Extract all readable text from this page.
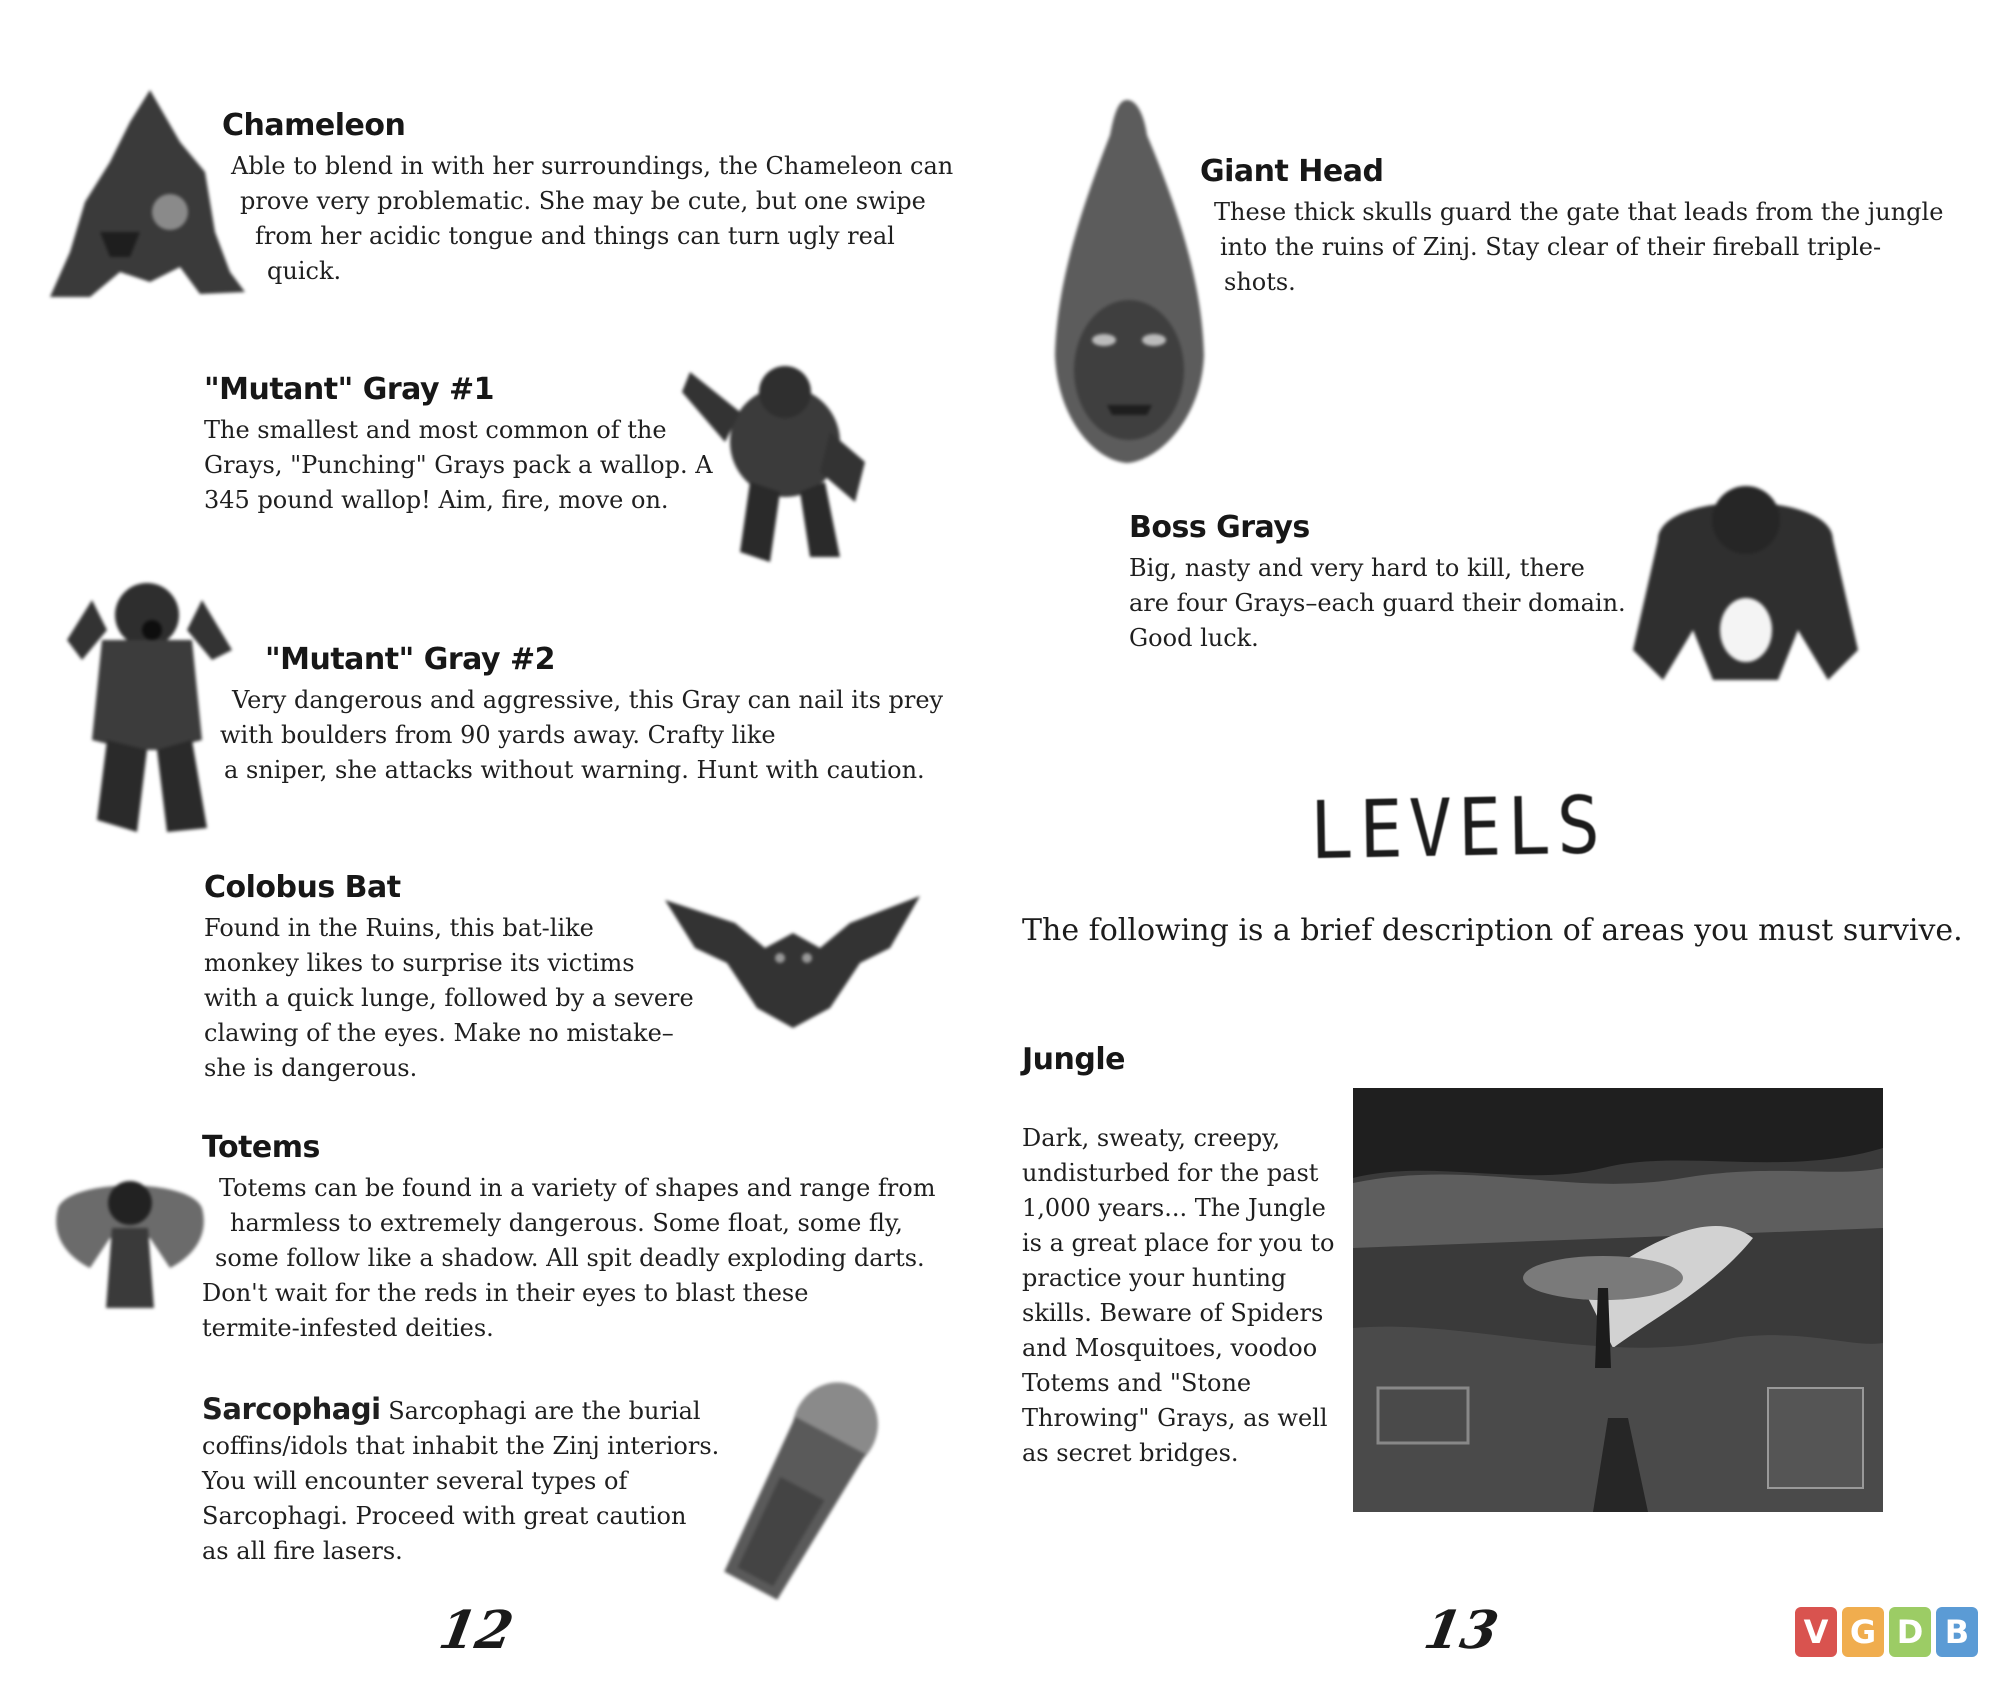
Chameleon

Able to blend in with her surroundings, the Chameleon can

prove very problematic. She may be cute, but one swipe

from her acidic tongue and things can turn ugly real

quick.

"Mutant" Gray #1

The smallest and most common of the

Grays, "Punching" Grays pack a wallop. A

345 pound wallop! Aim, fire, move on.

"Mutant" Gray #2

Very dangerous and aggressive, this Gray can nail its prey

with boulders from 90 yards away. Crafty like

a sniper, she attacks without warning. Hunt with caution.

Colobus Bat

Found in the Ruins, this bat-like

monkey likes to surprise its victims

with a quick lunge, followed by a severe

clawing of the eyes. Make no mistake–

she is dangerous.

Totems

Totems can be found in a variety of shapes and range from

harmless to extremely dangerous. Some float, some fly,

some follow like a shadow. All spit deadly exploding darts.

Don't wait for the reds in their eyes to blast these

termite-infested deities.

Sarcophagi Sarcophagi are the burial

coffins/idols that inhabit the Zinj interiors.

You will encounter several types of

Sarcophagi. Proceed with great caution

as all fire lasers.

12
Giant Head

These thick skulls guard the gate that leads from the jungle

into the ruins of Zinj. Stay clear of their fireball triple-

shots.

Boss Grays

Big, nasty and very hard to kill, there

are four Grays–each guard their domain.

Good luck.

LEVELS
The following is a brief description of areas you must survive.
Jungle

Dark, sweaty, creepy,

undisturbed for the past

1,000 years... The Jungle

is a great place for you to

practice your hunting

skills. Beware of Spiders

and Mosquitoes, voodoo

Totems and "Stone

Throwing" Grays, as well

as secret bridges.

13	V G D B
